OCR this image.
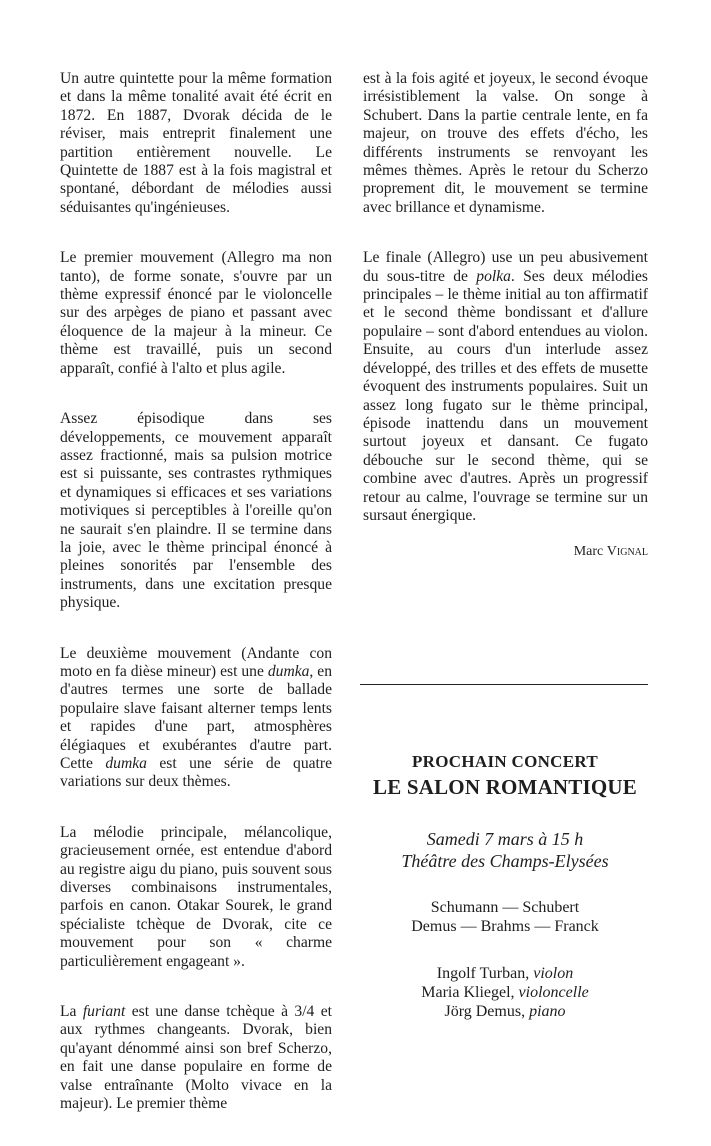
Un autre quintette pour la même formation et dans la même tonalité avait été écrit en 1872. En 1887, Dvorak décida de le réviser, mais entreprit finalement une partition entièrement nouvelle. Le Quintette de 1887 est à la fois magistral et spontané, débordant de mélodies aussi séduisantes qu'ingénieuses.

Le premier mouvement (Allegro ma non tanto), de forme sonate, s'ouvre par un thème expressif énoncé par le violoncelle sur des arpèges de piano et passant avec éloquence de la majeur à la mineur. Ce thème est travaillé, puis un second apparaît, confié à l'alto et plus agile.

Assez épisodique dans ses développements, ce mouvement apparaît assez fractionné, mais sa pulsion motrice est si puissante, ses contrastes rythmiques et dynamiques si efficaces et ses variations motiviques si perceptibles à l'oreille qu'on ne saurait s'en plaindre. Il se termine dans la joie, avec le thème principal énoncé à pleines sonorités par l'ensemble des instruments, dans une excitation presque physique.

Le deuxième mouvement (Andante con moto en fa dièse mineur) est une dumka, en d'autres termes une sorte de ballade populaire slave faisant alterner temps lents et rapides d'une part, atmosphères élégiaques et exubérantes d'autre part. Cette dumka est une série de quatre variations sur deux thèmes.

La mélodie principale, mélancolique, gracieusement ornée, est entendue d'abord au registre aigu du piano, puis souvent sous diverses combinaisons instrumentales, parfois en canon. Otakar Sourek, le grand spécialiste tchèque de Dvorak, cite ce mouvement pour son « charme particulièrement engageant ».

La furiant est une danse tchèque à 3/4 et aux rythmes changeants. Dvorak, bien qu'ayant dénommé ainsi son bref Scherzo, en fait une danse populaire en forme de valse entraînante (Molto vivace en la majeur). Le premier thème

est à la fois agité et joyeux, le second évoque irrésistiblement la valse. On songe à Schubert. Dans la partie centrale lente, en fa majeur, on trouve des effets d'écho, les différents instruments se renvoyant les mêmes thèmes. Après le retour du Scherzo proprement dit, le mouvement se termine avec brillance et dynamisme.

Le finale (Allegro) use un peu abusivement du sous-titre de polka. Ses deux mélodies principales – le thème initial au ton affirmatif et le second thème bondissant et d'allure populaire – sont d'abord entendues au violon. Ensuite, au cours d'un interlude assez développé, des trilles et des effets de musette évoquent des instruments populaires. Suit un assez long fugato sur le thème principal, épisode inattendu dans un mouvement surtout joyeux et dansant. Ce fugato débouche sur le second thème, qui se combine avec d'autres. Après un progressif retour au calme, l'ouvrage se termine sur un sursaut énergique.

Marc Vignal
PROCHAIN CONCERT
LE SALON ROMANTIQUE
Samedi 7 mars à 15 h
Théâtre des Champs-Elysées
Schumann — Schubert
Demus — Brahms — Franck
Ingolf Turban, violon
Maria Kliegel, violoncelle
Jörg Demus, piano
